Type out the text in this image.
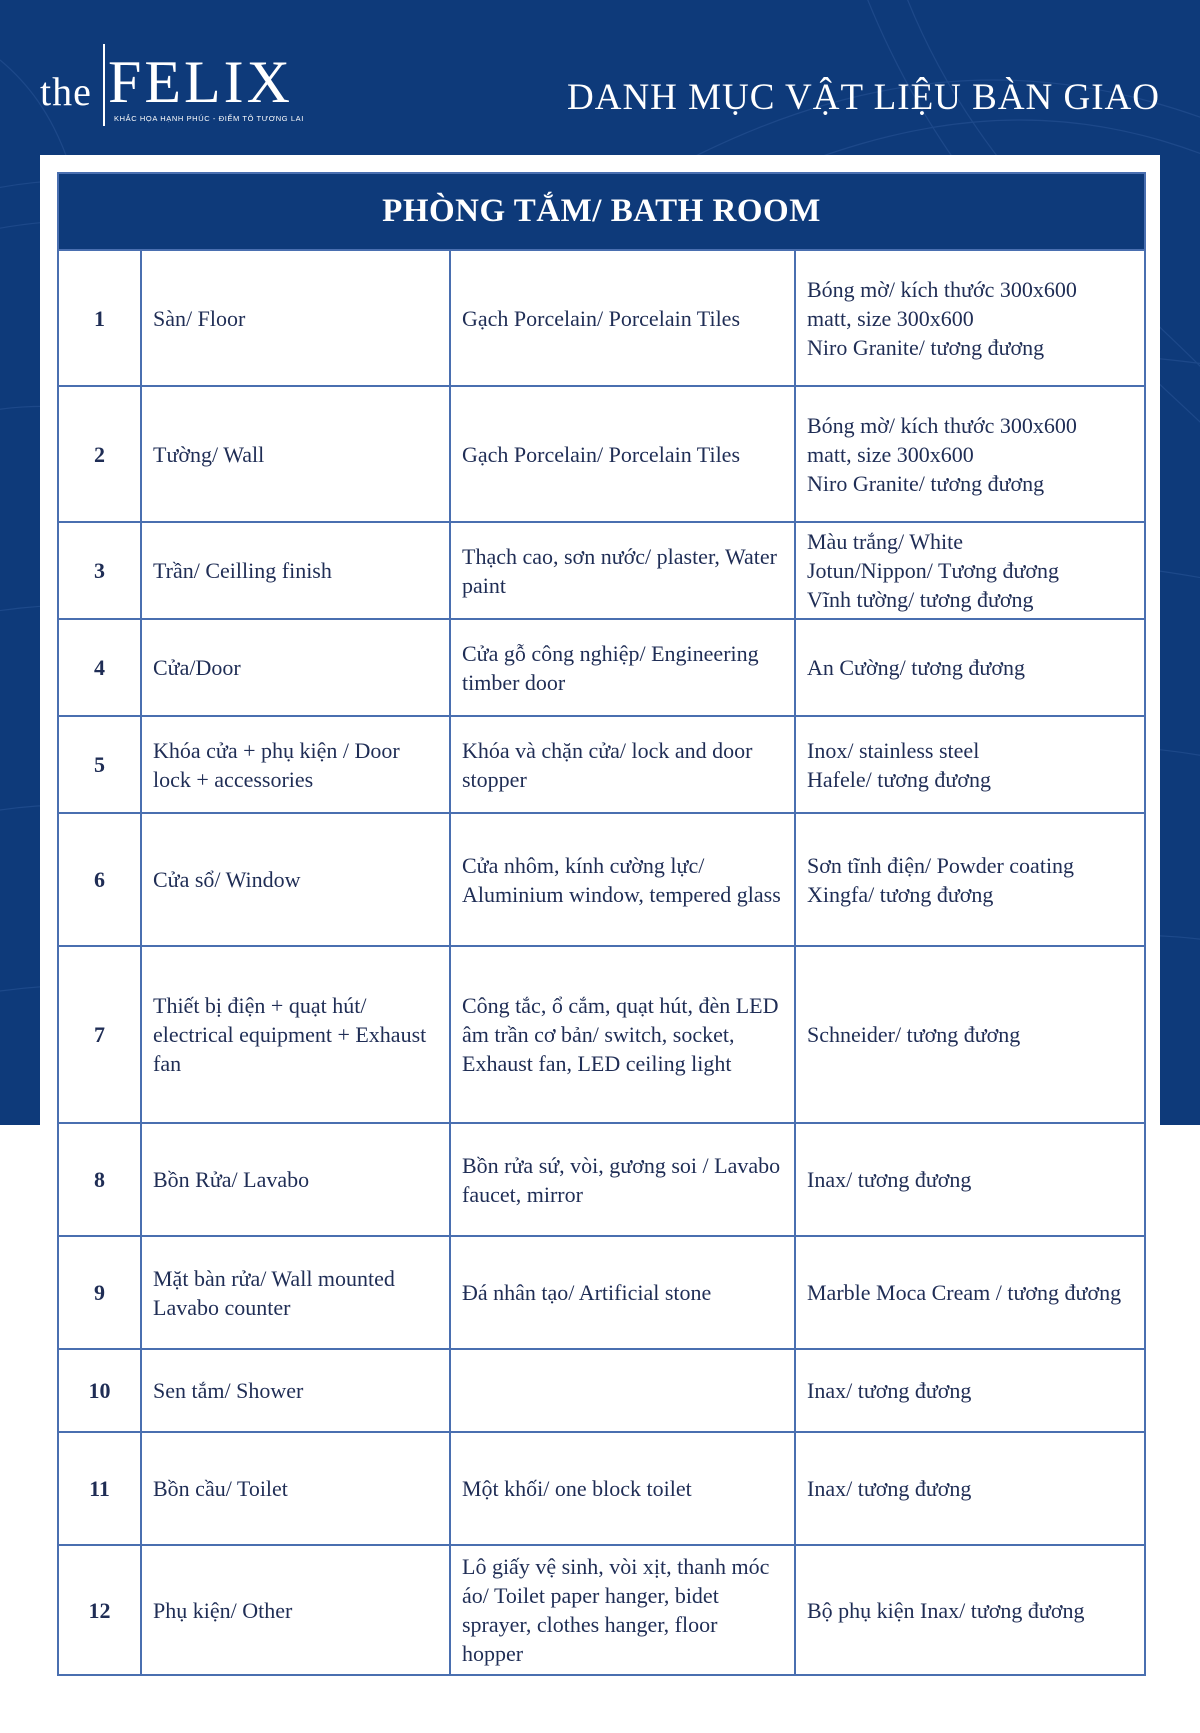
the FELIX
KHẮC HỌA HẠNH PHÚC - ĐIỂM TÔ TƯƠNG LAI
DANH MỤC VẬT LIỆU BÀN GIAO
PHÒNG TẮM/ BATH ROOM			
1	Sàn/ Floor	Gạch Porcelain/ Porcelain Tiles	Bóng mờ/ kích thước 300x600
matt, size 300x600
Niro Granite/ tương đương

2	Tường/ Wall	Gạch Porcelain/ Porcelain Tiles	Bóng mờ/ kích thước 300x600
matt, size 300x600
Niro Granite/ tương đương

3	Trần/ Ceilling finish	Thạch cao, sơn nước/ plaster, Water paint	Màu trắng/ White
Jotun/Nippon/ Tương đương
Vĩnh tường/ tương đương

4	Cửa/Door	Cửa gỗ công nghiệp/ Engineering timber door	An Cường/ tương đương

5	Khóa cửa + phụ kiện / Door lock + accessories	Khóa và chặn cửa/ lock and door stopper	Inox/ stainless steel
Hafele/ tương đương

6	Cửa sổ/ Window	Cửa nhôm, kính cường lực/ Aluminium window, tempered glass	Sơn tĩnh điện/ Powder coating
Xingfa/ tương đương

7	Thiết bị điện + quạt hút/ electrical equipment + Exhaust fan	Công tắc, ổ cắm, quạt hút, đèn LED âm trần cơ bản/ switch, socket, Exhaust fan, LED ceiling light	Schneider/ tương đương

8	Bồn Rửa/ Lavabo	Bồn rửa sứ, vòi, gương soi / Lavabo faucet, mirror	Inax/ tương đương

9	Mặt bàn rửa/ Wall mounted Lavabo counter	Đá nhân tạo/ Artificial stone	Marble Moca Cream / tương đương

10	Sen tắm/ Shower		Inax/ tương đương

11	Bồn cầu/ Toilet	Một khối/ one block toilet	Inax/ tương đương

12	Phụ kiện/ Other	Lô giấy vệ sinh, vòi xịt, thanh móc áo/ Toilet paper hanger, bidet sprayer, clothes hanger, floor hopper	Bộ phụ kiện Inax/ tương đương
